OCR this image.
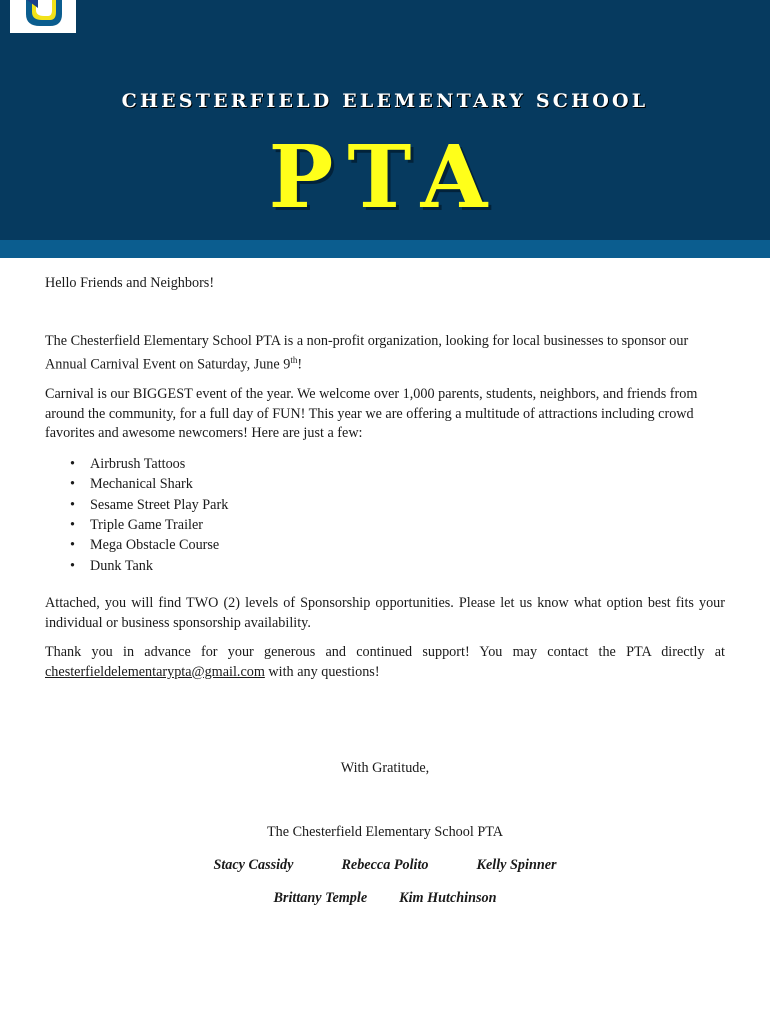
CHESTERFIELD ELEMENTARY SCHOOL
PTA

Hello Friends and Neighbors!

The Chesterfield Elementary School PTA is a non-profit organization, looking for local businesses to sponsor our Annual Carnival Event on Saturday, June 9th!

Carnival is our BIGGEST event of the year. We welcome over 1,000 parents, students, neighbors, and friends from around the community, for a full day of FUN! This year we are offering a multitude of attractions including crowd favorites and awesome newcomers! Here are just a few:

• Airbrush Tattoos
• Mechanical Shark
• Sesame Street Play Park
• Triple Game Trailer
• Mega Obstacle Course
• Dunk Tank

Attached, you will find TWO (2) levels of Sponsorship opportunities. Please let us know what option best fits your individual or business sponsorship availability.

Thank you in advance for your generous and continued support! You may contact the PTA directly at chesterfieldelementarypta@gmail.com with any questions!

With Gratitude,
The Chesterfield Elementary School PTA
Stacy Cassidy	Rebecca Polito	Kelly Spinner
Brittany Temple Kim Hutchinson
